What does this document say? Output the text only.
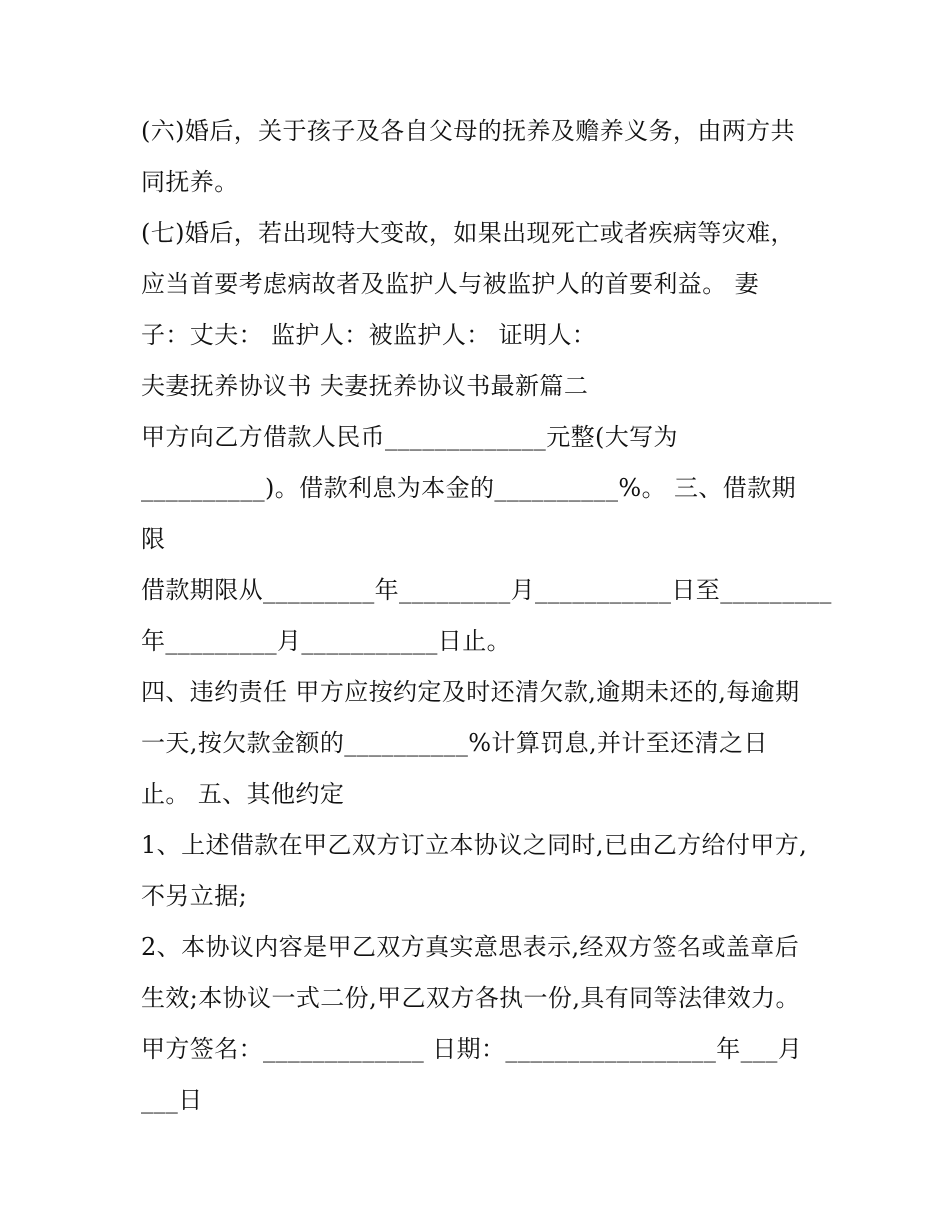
(六)婚后，关于孩子及各自父母的抚养及赡养义务，由两方共
同抚养。
(七)婚后，若出现特大变故，如果出现死亡或者疾病等灾难，
应当首要考虑病故者及监护人与被监护人的首要利益。 妻
子：丈夫： 监护人：被监护人： 证明人：
夫妻抚养协议书 夫妻抚养协议书最新篇二
甲方向乙方借款人民币_____________元整(大写为
__________)。借款利息为本金的__________%。 三、借款期
限
借款期限从_________年_________月___________日至_________
年_________月___________日止。
四、违约责任 甲方应按约定及时还清欠款,逾期未还的,每逾期
一天,按欠款金额的__________%计算罚息,并计至还清之日
止。 五、其他约定
1、上述借款在甲乙双方订立本协议之同时,已由乙方给付甲方,
不另立据;
2、本协议内容是甲乙双方真实意思表示,经双方签名或盖章后
生效;本协议一式二份,甲乙双方各执一份,具有同等法律效力。
甲方签名：_____________ 日期：_________________年___月
___日
